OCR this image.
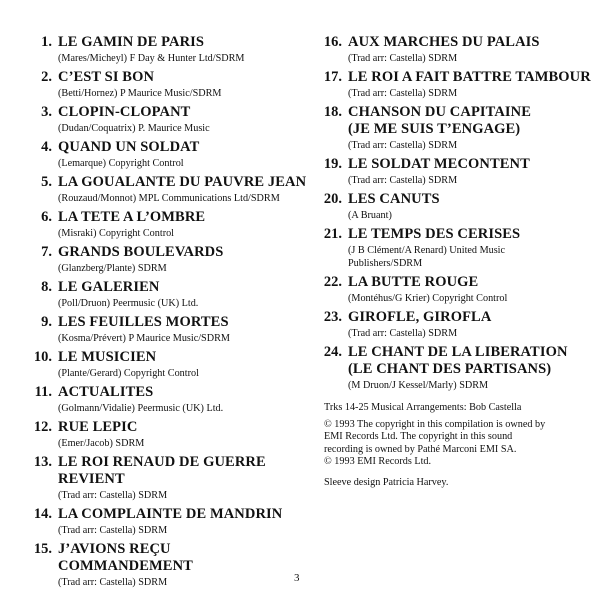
1. LE GAMIN DE PARIS
(Mares/Micheyl) F Day & Hunter Ltd/SDRM
2. C’EST SI BON
(Betti/Hornez) P Maurice Music/SDRM
3. CLOPIN-CLOPANT
(Dudan/Coquatrix) P. Maurice Music
4. QUAND UN SOLDAT
(Lemarque) Copyright Control
5. LA GOUALANTE DU PAUVRE JEAN
(Rouzaud/Monnot) MPL Communications Ltd/SDRM
6. LA TETE A L’OMBRE
(Misraki) Copyright Control
7. GRANDS BOULEVARDS
(Glanzberg/Plante) SDRM
8. LE GALERIEN
(Poll/Druon) Peermusic (UK) Ltd.
9. LES FEUILLES MORTES
(Kosma/Prévert) P Maurice Music/SDRM
10. LE MUSICIEN
(Plante/Gerard) Copyright Control
11. ACTUALITES
(Golmann/Vidalie) Peermusic (UK) Ltd.
12. RUE LEPIC
(Emer/Jacob) SDRM
13. LE ROI RENAUD DE GUERRE
REVIENT
(Trad arr: Castella) SDRM
14. LA COMPLAINTE DE MANDRIN
(Trad arr: Castella) SDRM
15. J’AVIONS REÇU
COMMANDEMENT
(Trad arr: Castella) SDRM
16. AUX MARCHES DU PALAIS
(Trad arr: Castella) SDRM
17. LE ROI A FAIT BATTRE TAMBOUR
(Trad arr: Castella) SDRM
18. CHANSON DU CAPITAINE
(JE ME SUIS T’ENGAGE)
(Trad arr: Castella) SDRM
19. LE SOLDAT MECONTENT
(Trad arr: Castella) SDRM
20. LES CANUTS
(A Bruant)
21. LE TEMPS DES CERISES
(J B Clément/A Renard) United Music
Publishers/SDRM
22. LA BUTTE ROUGE
(Montéhus/G Krier) Copyright Control
23. GIROFLE, GIROFLA
(Trad arr: Castella) SDRM
24. LE CHANT DE LA LIBERATION
(LE CHANT DES PARTISANS)
(M Druon/J Kessel/Marly) SDRM

Trks 14-25 Musical Arrangements: Bob Castella

© 1993 The copyright in this compilation is owned by

EMI Records Ltd. The copyright in this sound

recording is owned by Pathé Marconi EMI SA.

© 1993 EMI Records Ltd.

Sleeve design Patricia Harvey.

3
